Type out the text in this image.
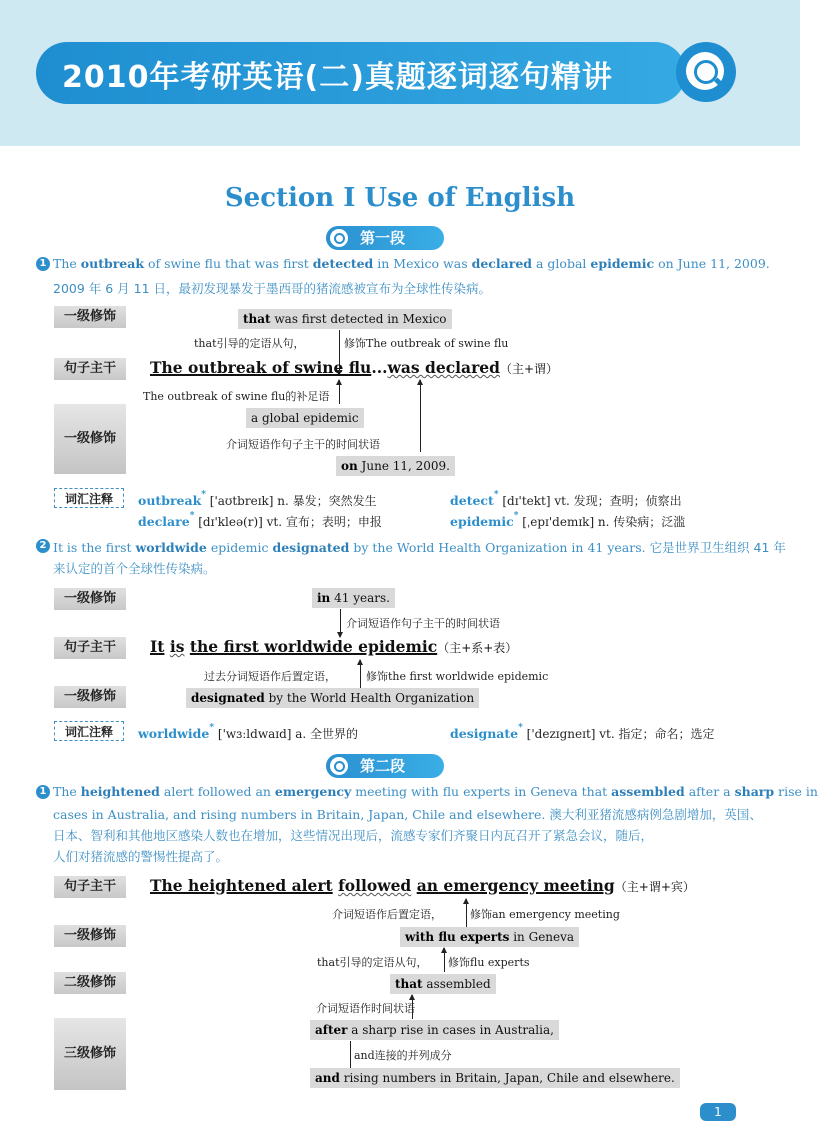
2010年考研英语(二)真题逐词逐句精讲
Section Ⅰ Use of English
第一段
1 The outbreak of swine flu that was first detected in Mexico was declared a global epidemic on June 11, 2009.
2009 年 6 月 11 日，最初发现暴发于墨西哥的猪流感被宣布为全球性传染病。
一级修饰	that was first detected in Mexico
that引导的定语从句，	修饰The outbreak of swine flu
句子主干	The outbreak of swine flu...was declared（主+谓）
The outbreak of swine flu的补足语
一级修饰
a global epidemic
介词短语作句子主干的时间状语
on June 11, 2009.
词汇注释	outbreak* ['aʊtbreɪk] n. 暴发；突然发生	detect* [dɪ'tekt] vt. 发现；查明；侦察出
declare* [dɪ'kleə(r)] vt. 宣布；表明；申报	epidemic* [ˌepɪ'demɪk] n. 传染病；泛滥
2 It is the first worldwide epidemic designated by the World Health Organization in 41 years. 它是世界卫生组织 41 年
来认定的首个全球性传染病。
一级修饰	in 41 years.
介词短语作句子主干的时间状语
句子主干	It is the first worldwide epidemic（主+系+表）
过去分词短语作后置定语，	修饰the first worldwide epidemic
一级修饰	designated by the World Health Organization
词汇注释	worldwide* ['wɜːldwaɪd] a. 全世界的	designate* ['dezɪgneɪt] vt. 指定；命名；选定
第二段
1 The heightened alert followed an emergency meeting with flu experts in Geneva that assembled after a sharp rise in
cases in Australia, and rising numbers in Britain, Japan, Chile and elsewhere. 澳大利亚猪流感病例急剧增加，英国、
日本、智利和其他地区感染人数也在增加，这些情况出现后，流感专家们齐聚日内瓦召开了紧急会议，随后，
人们对猪流感的警惕性提高了。
句子主干	The heightened alert followed an emergency meeting（主+谓+宾）
介词短语作后置定语，	修饰an emergency meeting
一级修饰	with flu experts in Geneva
that引导的定语从句， 修饰flu experts
二级修饰	that assembled
介词短语作时间状语
三级修饰
after a sharp rise in cases in Australia,
and连接的并列成分
and rising numbers in Britain, Japan, Chile and elsewhere.
1
